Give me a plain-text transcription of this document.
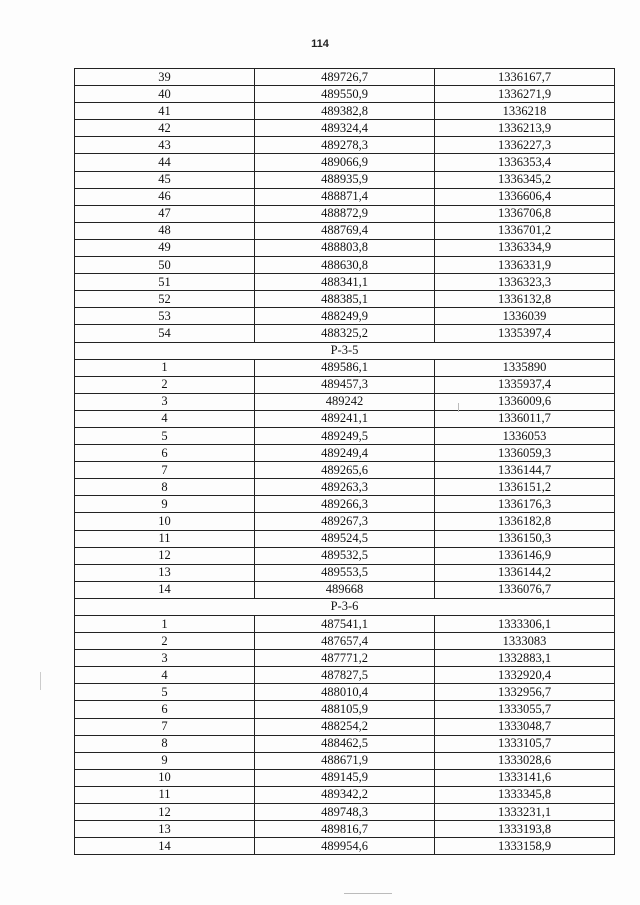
114
39	489726,7	1336167,7
40	489550,9	1336271,9
41	489382,8	1336218
42	489324,4	1336213,9
43	489278,3	1336227,3
44	489066,9	1336353,4
45	488935,9	1336345,2
46	488871,4	1336606,4
47	488872,9	1336706,8
48	488769,4	1336701,2
49	488803,8	1336334,9
50	488630,8	1336331,9
51	488341,1	1336323,3
52	488385,1	1336132,8
53	488249,9	1336039
54	488325,2	1335397,4
Р-3-5		
1	489586,1	1335890
2	489457,3	1335937,4
3	489242	1336009,6
4	489241,1	1336011,7
5	489249,5	1336053
6	489249,4	1336059,3
7	489265,6	1336144,7
8	489263,3	1336151,2
9	489266,3	1336176,3
10	489267,3	1336182,8
11	489524,5	1336150,3
12	489532,5	1336146,9
13	489553,5	1336144,2
14	489668	1336076,7
Р-3-6		
1	487541,1	1333306,1
2	487657,4	1333083
3	487771,2	1332883,1
4	487827,5	1332920,4
5	488010,4	1332956,7
6	488105,9	1333055,7
7	488254,2	1333048,7
8	488462,5	1333105,7
9	488671,9	1333028,6
10	489145,9	1333141,6
11	489342,2	1333345,8
12	489748,3	1333231,1
13	489816,7	1333193,8
14	489954,6	1333158,9
